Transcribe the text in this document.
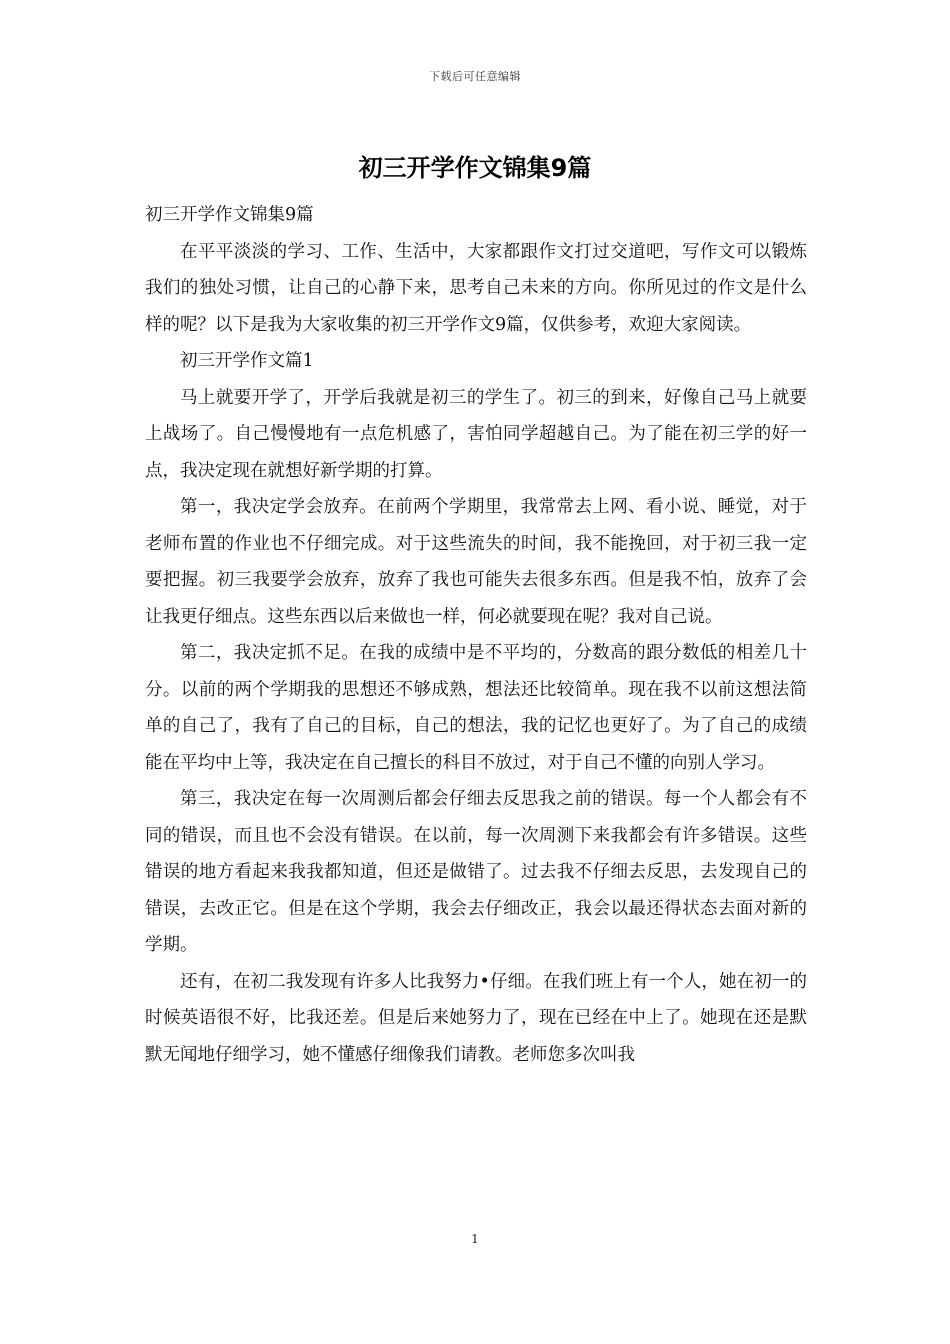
下载后可任意编辑
初三开学作文锦集9篇

初三开学作文锦集9篇

在平平淡淡的学习、工作、生活中，大家都跟作文打过交道吧，写作文可以锻炼我们的独处习惯，让自己的心静下来，思考自己未来的方向。你所见过的作文是什么样的呢？以下是我为大家收集的初三开学作文9篇，仅供参考，欢迎大家阅读。

初三开学作文篇1

马上就要开学了，开学后我就是初三的学生了。初三的到来，好像自己马上就要上战场了。自己慢慢地有一点危机感了，害怕同学超越自己。为了能在初三学的好一点，我决定现在就想好新学期的打算。

第一，我决定学会放弃。在前两个学期里，我常常去上网、看小说、睡觉，对于老师布置的作业也不仔细完成。对于这些流失的时间，我不能挽回，对于初三我一定要把握。初三我要学会放弃，放弃了我也可能失去很多东西。但是我不怕，放弃了会让我更仔细点。这些东西以后来做也一样，何必就要现在呢？我对自己说。

第二，我决定抓不足。在我的成绩中是不平均的，分数高的跟分数低的相差几十分。以前的两个学期我的思想还不够成熟，想法还比较简单。现在我不以前这想法简单的自己了，我有了自己的目标，自己的想法，我的记忆也更好了。为了自己的成绩能在平均中上等，我决定在自己擅长的科目不放过，对于自己不懂的向别人学习。

第三，我决定在每一次周测后都会仔细去反思我之前的错误。每一个人都会有不同的错误，而且也不会没有错误。在以前，每一次周测下来我都会有许多错误。这些错误的地方看起来我我都知道，但还是做错了。过去我不仔细去反思，去发现自己的错误，去改正它。但是在这个学期，我会去仔细改正，我会以最还得状态去面对新的学期。

还有，在初二我发现有许多人比我努力•仔细。在我们班上有一个人，她在初一的时候英语很不好，比我还差。但是后来她努力了，现在已经在中上了。她现在还是默默无闻地仔细学习，她不懂感仔细像我们请教。老师您多次叫我

1
